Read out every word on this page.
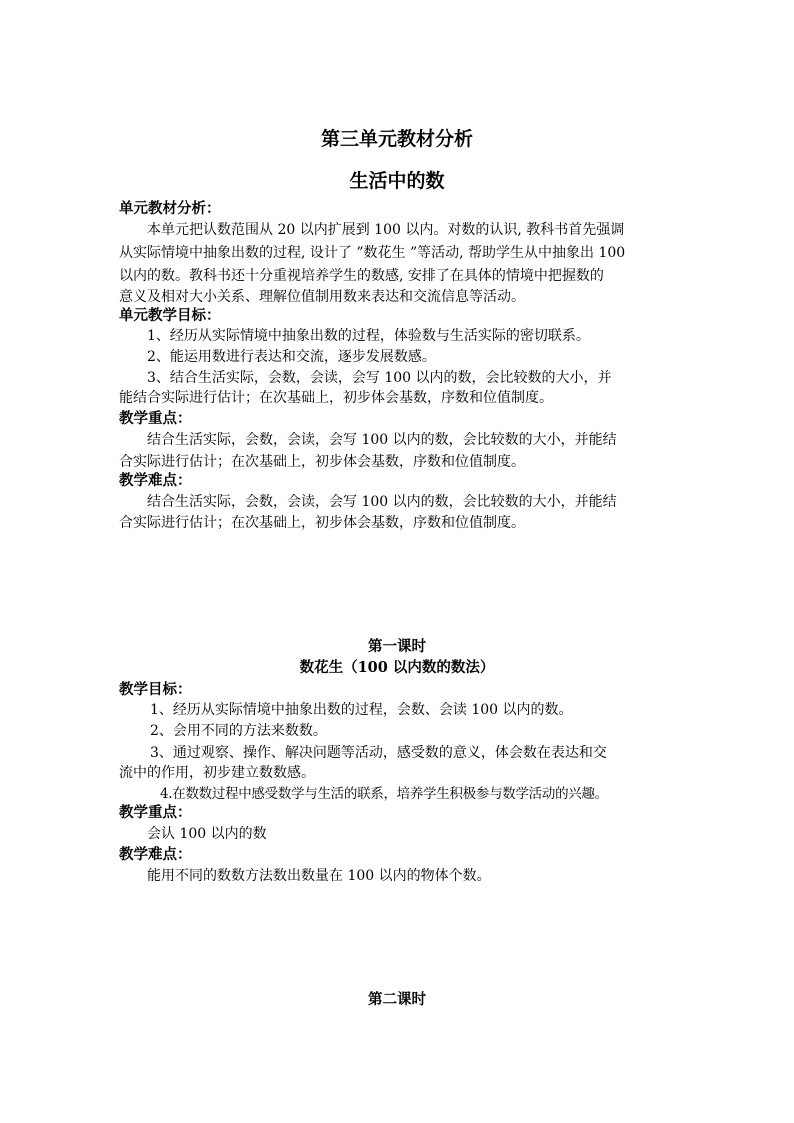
第三单元教材分析
生活中的数
单元教材分析：
本单元把认数范围从 20 以内扩展到 100 以内。对数的认识, 教科书首先强调
从实际情境中抽象出数的过程, 设计了 ”数花生 ”等活动, 帮助学生从中抽象出 100
以内的数。教科书还十分重视培养学生的数感, 安排了在具体的情境中把握数的
意义及相对大小关系、理解位值制用数来表达和交流信息等活动。
单元教学目标：
1、经历从实际情境中抽象出数的过程，体验数与生活实际的密切联系。
2、能运用数进行表达和交流，逐步发展数感。
3、结合生活实际，会数，会读，会写 100 以内的数，会比较数的大小，并
能结合实际进行估计；在次基础上，初步体会基数，序数和位值制度。
教学重点：
结合生活实际，会数，会读，会写 100 以内的数，会比较数的大小，并能结
合实际进行估计；在次基础上，初步体会基数，序数和位值制度。
教学难点：
结合生活实际，会数，会读，会写 100 以内的数，会比较数的大小，并能结
合实际进行估计；在次基础上，初步体会基数，序数和位值制度。
第一课时
数花生（100 以内数的数法）
教学目标：
1、经历从实际情境中抽象出数的过程，会数、会读 100 以内的数。
2、会用不同的方法来数数。
3、通过观察、操作、解决问题等活动，感受数的意义，体会数在表达和交
流中的作用，初步建立数数感。
4.在数数过程中感受数学与生活的联系，培养学生积极参与数学活动的兴趣。
教学重点：
会认 100 以内的数
教学难点：
能用不同的数数方法数出数量在 100 以内的物体个数。
第二课时
